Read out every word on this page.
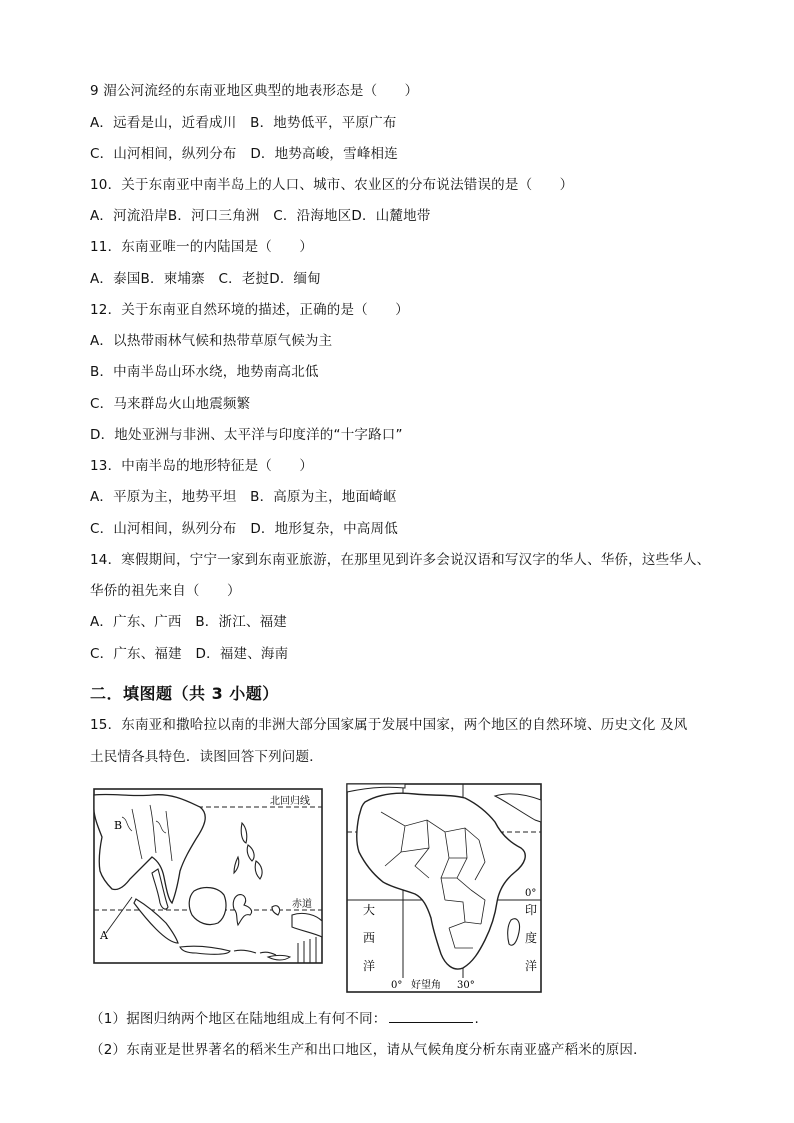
9 湄公河流经的东南亚地区典型的地表形态是（　　）
A．远看是山，近看成川　B．地势低平，平原广布
C．山河相间，纵列分布　D．地势高峻，雪峰相连
10．关于东南亚中南半岛上的人口、城市、农业区的分布说法错误的是（　　）
A．河流沿岸B．河口三角洲　C．沿海地区D．山麓地带
11．东南亚唯一的内陆国是（　　）
A．泰国B．柬埔寨　C．老挝D．缅甸
12．关于东南亚自然环境的描述，正确的是（　　）
A．以热带雨林气候和热带草原气候为主
B．中南半岛山环水绕，地势南高北低
C．马来群岛火山地震频繁
D．地处亚洲与非洲、太平洋与印度洋的“十字路口”
13．中南半岛的地形特征是（　　）
A．平原为主，地势平坦　B．高原为主，地面崎岖
C．山河相间，纵列分布　D．地形复杂，中高周低
14．寒假期间，宁宁一家到东南亚旅游，在那里见到许多会说汉语和写汉字的华人、华侨，这些华人、
华侨的祖先来自（　　）
A．广东、广西　B．浙江、福建
C．广东、福建　D．福建、海南
二．填图题（共 3 小题）
15．东南亚和撒哈拉以南的非洲大部分国家属于发展中国家，两个地区的自然环境、历史文化 及风
土民情各具特色．读图回答下列问题．
北回归线
赤道
A
B
0°
大
西
洋
印
度
洋
0° 好望角 30°
（1）据图归纳两个地区在陆地组成上有何不同：	.
（2）东南亚是世界著名的稻米生产和出口地区，请从气候角度分析东南亚盛产稻米的原因．
